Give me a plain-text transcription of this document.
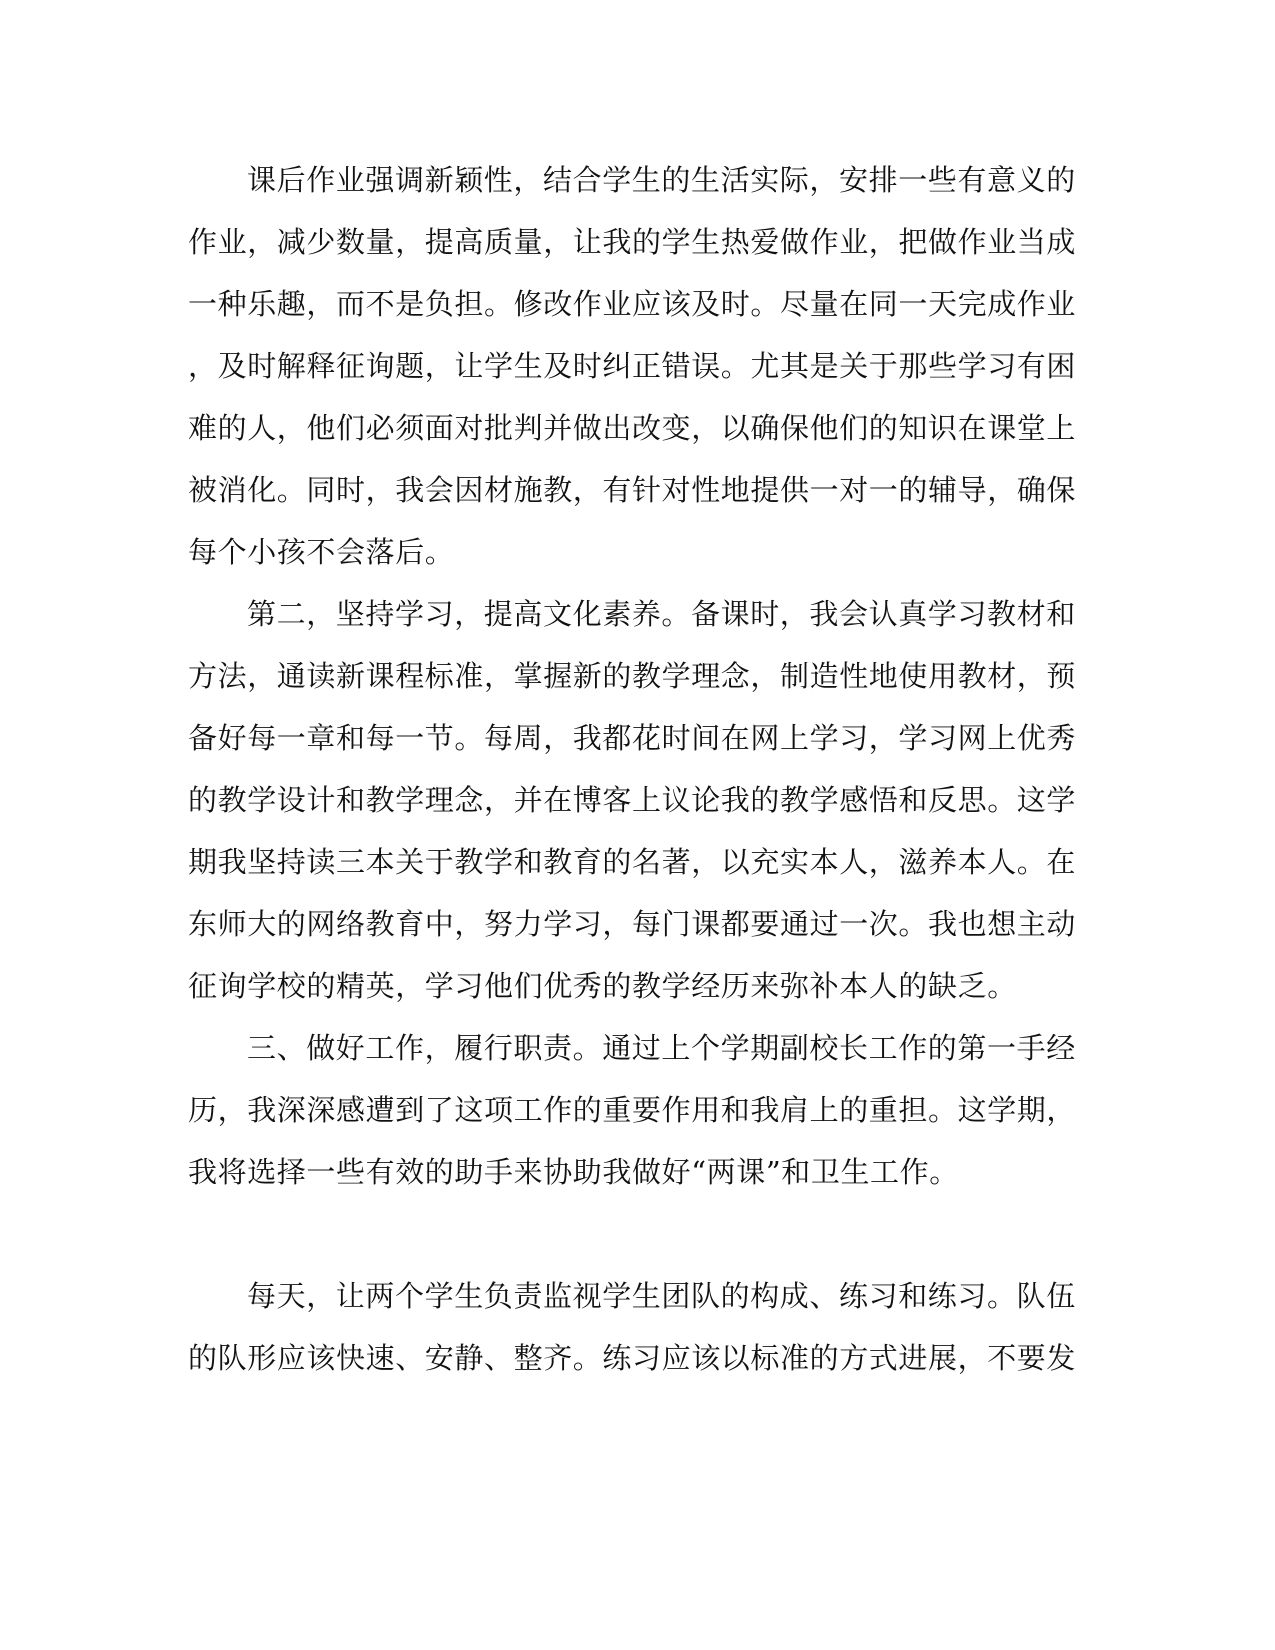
课后作业强调新颖性，结合学生的生活实际，安排一些有意义的

作业，减少数量，提高质量，让我的学生热爱做作业，把做作业当成

一种乐趣，而不是负担。修改作业应该及时。尽量在同一天完成作业

，及时解释征询题，让学生及时纠正错误。尤其是关于那些学习有困

难的人，他们必须面对批判并做出改变，以确保他们的知识在课堂上

被消化。同时，我会因材施教，有针对性地提供一对一的辅导，确保

每个小孩不会落后。

第二，坚持学习，提高文化素养。备课时，我会认真学习教材和

方法，通读新课程标准，掌握新的教学理念，制造性地使用教材，预

备好每一章和每一节。每周，我都花时间在网上学习，学习网上优秀

的教学设计和教学理念，并在博客上议论我的教学感悟和反思。这学

期我坚持读三本关于教学和教育的名著，以充实本人，滋养本人。在

东师大的网络教育中，努力学习，每门课都要通过一次。我也想主动

征询学校的精英，学习他们优秀的教学经历来弥补本人的缺乏。

三、做好工作，履行职责。通过上个学期副校长工作的第一手经

历，我深深感遭到了这项工作的重要作用和我肩上的重担。这学期，

我将选择一些有效的助手来协助我做好“两课”和卫生工作。

每天，让两个学生负责监视学生团队的构成、练习和练习。队伍

的队形应该快速、安静、整齐。练习应该以标准的方式进展，不要发
